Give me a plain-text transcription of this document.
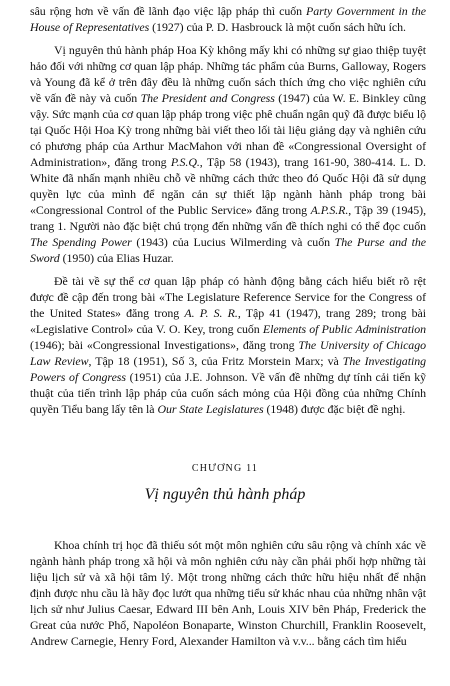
sâu rộng hơn về vấn đề lãnh đạo việc lập pháp thì cuốn Party Government in the House of Representatives (1927) của P. D. Hasbrouck là một cuốn sách hữu ích.

Vị nguyên thủ hành pháp Hoa Kỳ không mấy khi có những sự giao thiệp tuyệt hảo đối với những cơ quan lập pháp. Những tác phẩm của Burns, Galloway, Rogers và Young đã kể ở trên đây đều là những cuốn sách thích ứng cho việc nghiên cứu về vấn đề này và cuốn The President and Congress (1947) của W. E. Binkley cũng vậy. Sức mạnh của cơ quan lập pháp trong việc phê chuẩn ngân quỹ đã được biểu lộ tại Quốc Hội Hoa Kỳ trong những bài viết theo lối tài liệu giảng dạy và nghiên cứu có phương pháp của Arthur MacMahon với nhan đề «Congressional Oversight of Administration», đăng trong P.S.Q., Tập 58 (1943), trang 161-90, 380-414. L. D. White đã nhấn mạnh nhiều chỗ về những cách thức theo đó Quốc Hội đã sử dụng quyền lực của mình để ngăn cản sự thiết lập ngành hành pháp trong bài «Congressional Control of the Public Service» đăng trong A.P.S.R., Tập 39 (1945), trang 1. Người nào đặc biệt chú trọng đến những vấn đề thích nghi có thể đọc cuốn The Spending Power (1943) của Lucius Wilmerding và cuốn The Purse and the Sword (1950) của Elias Huzar.

Đề tài về sự thể cơ quan lập pháp có hành động bằng cách hiểu biết rõ rệt được đề cập đến trong bài «The Legislature Reference Service for the Congress of the United States» đăng trong A. P. S. R., Tập 41 (1947), trang 289; trong bài «Legislative Control» của V. O. Key, trong cuốn Elements of Public Administration (1946); bài «Congressional Investigations», đăng trong The University of Chicago Law Review, Tập 18 (1951), Số 3, của Fritz Morstein Marx; và The Investigating Powers of Congress (1951) của J.E. Johnson. Về vấn đề những dự tính cải tiến kỹ thuật của tiến trình lập pháp của cuốn sách mỏng của Hội đồng của những Chính quyền Tiểu bang lấy tên là Our State Legislatures (1948) được đặc biệt đề nghị.

CHƯƠNG 11
Vị nguyên thủ hành pháp

Khoa chính trị học đã thiếu sót một môn nghiên cứu sâu rộng và chính xác về ngành hành pháp trong xã hội và môn nghiên cứu này cần phải phối hợp những tài liệu lịch sử và xã hội tâm lý. Một trong những cách thức hữu hiệu nhất để nhận định được nhu cầu là hãy đọc lướt qua những tiểu sử khác nhau của những nhân vật lịch sử như Julius Caesar, Edward III bên Anh, Louis XIV bên Pháp, Frederick the Great của nước Phổ, Napoléon Bonaparte, Winston Churchill, Franklin Roosevelt, Andrew Carnegie, Henry Ford, Alexander Hamilton và v.v... bằng cách tìm hiểu
